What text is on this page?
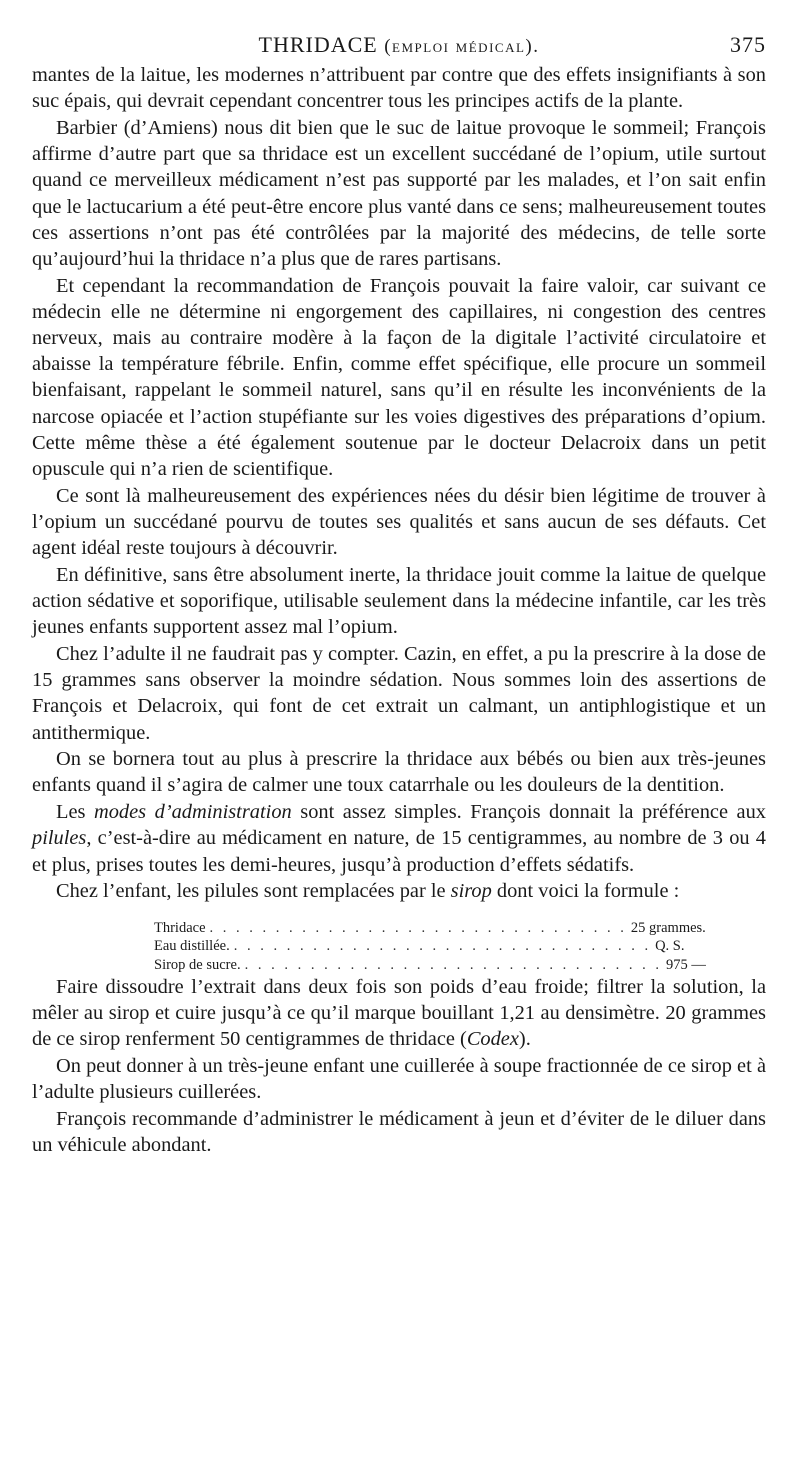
THRIDACE (emploi médical).	375

mantes de la laitue, les modernes n’attribuent par contre que des effets insignifiants à son suc épais, qui devrait cependant concentrer tous les principes actifs de la plante.

Barbier (d’Amiens) nous dit bien que le suc de laitue provoque le sommeil; François affirme d’autre part que sa thridace est un excellent succédané de l’opium, utile surtout quand ce merveilleux médicament n’est pas supporté par les malades, et l’on sait enfin que le lactucarium a été peut-être encore plus vanté dans ce sens; malheureusement toutes ces assertions n’ont pas été contrôlées par la majorité des médecins, de telle sorte qu’aujourd’hui la thridace n’a plus que de rares partisans.

Et cependant la recommandation de François pouvait la faire valoir, car suivant ce médecin elle ne détermine ni engorgement des capillaires, ni congestion des centres nerveux, mais au contraire modère à la façon de la digitale l’activité circulatoire et abaisse la température fébrile. Enfin, comme effet spécifique, elle procure un sommeil bienfaisant, rappelant le sommeil naturel, sans qu’il en résulte les inconvénients de la narcose opiacée et l’action stupéfiante sur les voies digestives des préparations d’opium. Cette même thèse a été également soutenue par le docteur Delacroix dans un petit opuscule qui n’a rien de scientifique.

Ce sont là malheureusement des expériences nées du désir bien légitime de trouver à l’opium un succédané pourvu de toutes ses qualités et sans aucun de ses défauts. Cet agent idéal reste toujours à découvrir.

En définitive, sans être absolument inerte, la thridace jouit comme la laitue de quelque action sédative et soporifique, utilisable seulement dans la médecine infantile, car les très jeunes enfants supportent assez mal l’opium.

Chez l’adulte il ne faudrait pas y compter. Cazin, en effet, a pu la prescrire à la dose de 15 grammes sans observer la moindre sédation. Nous sommes loin des assertions de François et Delacroix, qui font de cet extrait un calmant, un antiphlogistique et un antithermique.

On se bornera tout au plus à prescrire la thridace aux bébés ou bien aux très-jeunes enfants quand il s’agira de calmer une toux catarrhale ou les douleurs de la dentition.

Les modes d’administration sont assez simples. François donnait la préférence aux pilules, c’est-à-dire au médicament en nature, de 15 centigrammes, au nombre de 3 ou 4 et plus, prises toutes les demi-heures, jusqu’à production d’effets sédatifs.

Chez l’enfant, les pilules sont remplacées par le sirop dont voici la formule :

Thridace . . . . . . . . . . . . . . . . . . . . . . . . . . . . . . . . 25 grammes.
Eau distillée. . . . . . . . . . . . . . . . . . . . . . . . . . . . . . . . . Q. S.
Sirop de sucre. . . . . . . . . . . . . . . . . . . . . . . . . . . . . . . . . 975 —

Faire dissoudre l’extrait dans deux fois son poids d’eau froide; filtrer la solution, la mêler au sirop et cuire jusqu’à ce qu’il marque bouillant 1,21 au densimètre. 20 grammes de ce sirop renferment 50 centigrammes de thridace (Codex).

On peut donner à un très-jeune enfant une cuillerée à soupe fractionnée de ce sirop et à l’adulte plusieurs cuillerées.

François recommande d’administrer le médicament à jeun et d’éviter de le diluer dans un véhicule abondant.
